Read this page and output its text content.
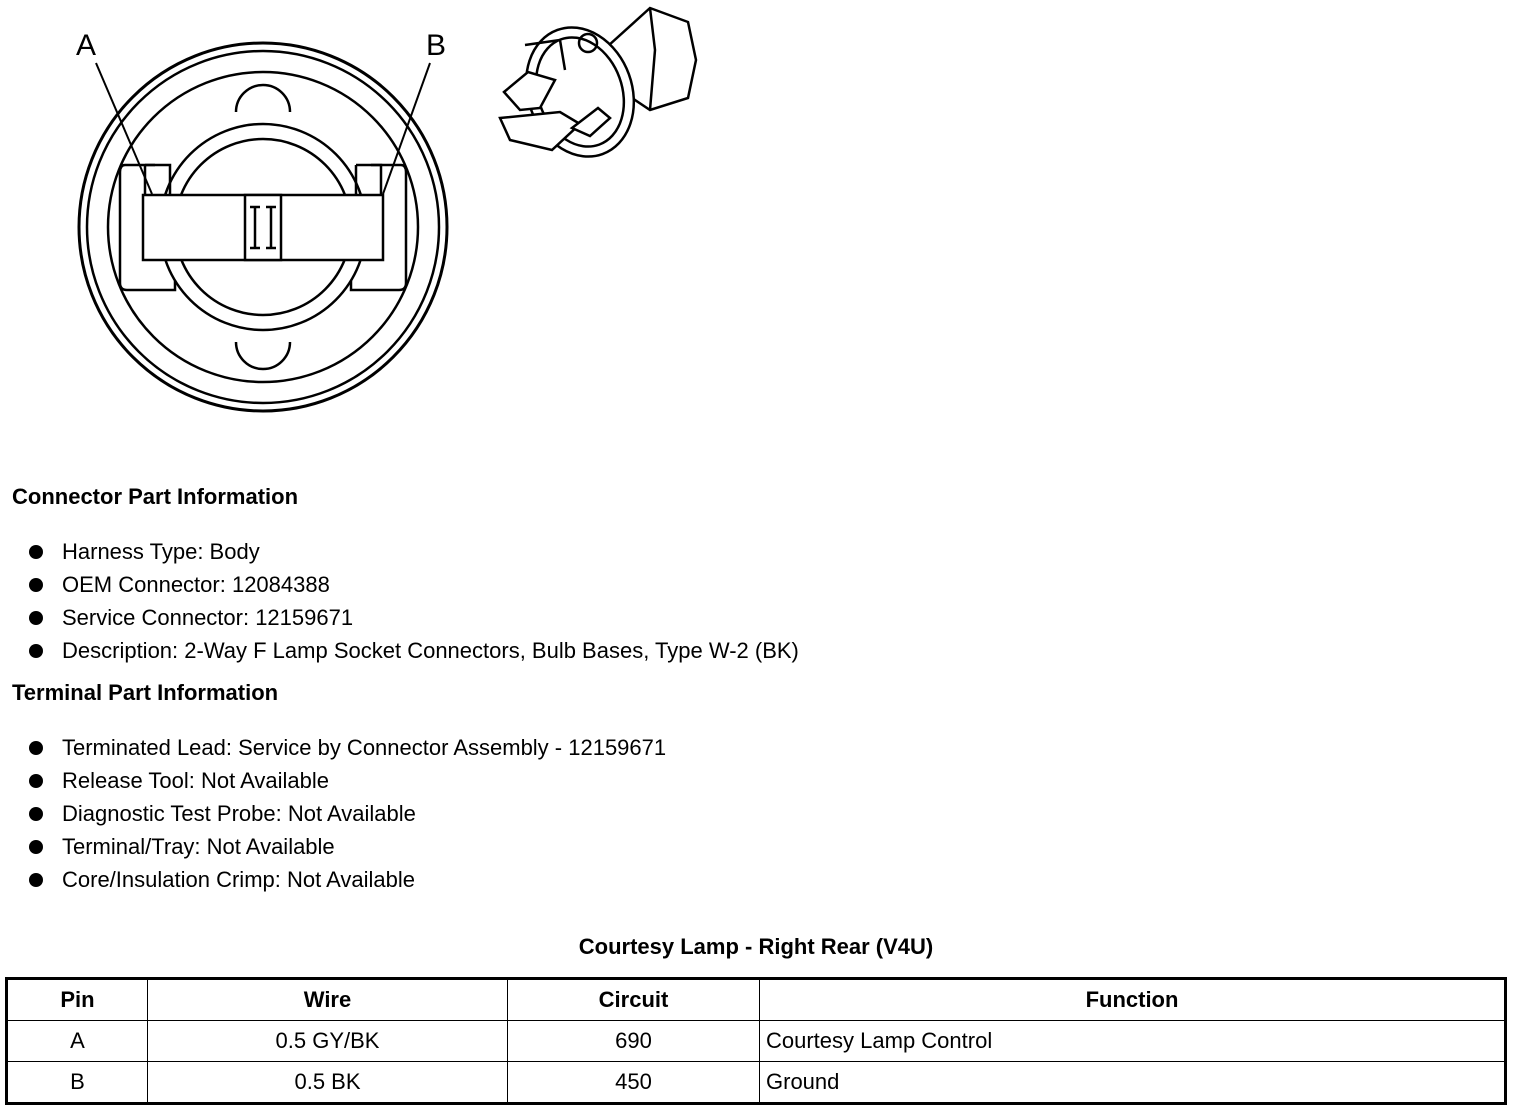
A	B
Connector Part Information
Harness Type: Body
OEM Connector: 12084388
Service Connector: 12159671
Description: 2-Way F Lamp Socket Connectors, Bulb Bases, Type W-2 (BK)
Terminal Part Information
Terminated Lead: Service by Connector Assembly - 12159671
Release Tool: Not Available
Diagnostic Test Probe: Not Available
Terminal/Tray: Not Available
Core/Insulation Crimp: Not Available
Courtesy Lamp - Right Rear (V4U)
Pin	Wire	Circuit	Function
A	0.5 GY/BK	690	Courtesy Lamp Control
B	0.5 BK	450	Ground
